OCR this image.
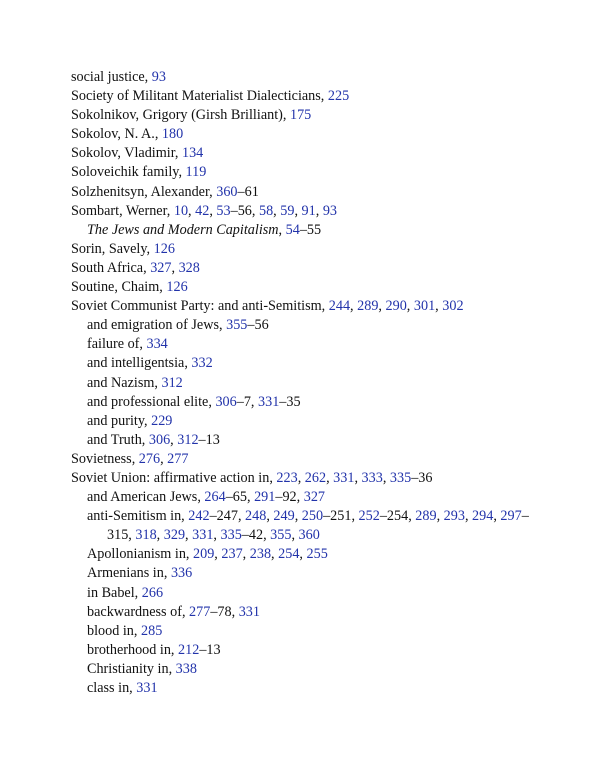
social justice, 93
Society of Militant Materialist Dialecticians, 225
Sokolnikov, Grigory (Girsh Brilliant), 175
Sokolov, N. A., 180
Sokolov, Vladimir, 134
Soloveichik family, 119
Solzhenitsyn, Alexander, 360–61
Sombart, Werner, 10, 42, 53–56, 58, 59, 91, 93
The Jews and Modern Capitalism, 54–55
Sorin, Savely, 126
South Africa, 327, 328
Soutine, Chaim, 126
Soviet Communist Party: and anti-Semitism, 244, 289, 290, 301, 302
and emigration of Jews, 355–56
failure of, 334
and intelligentsia, 332
and Nazism, 312
and professional elite, 306–7, 331–35
and purity, 229
and Truth, 306, 312–13
Sovietness, 276, 277
Soviet Union: affirmative action in, 223, 262, 331, 333, 335–36
and American Jews, 264–65, 291–92, 327
anti-Semitism in, 242–247, 248, 249, 250–251, 252–254, 289, 293, 294, 297–315, 318, 329, 331, 335–42, 355, 360
Apollonianism in, 209, 237, 238, 254, 255
Armenians in, 336
in Babel, 266
backwardness of, 277–78, 331
blood in, 285
brotherhood in, 212–13
Christianity in, 338
class in, 331
